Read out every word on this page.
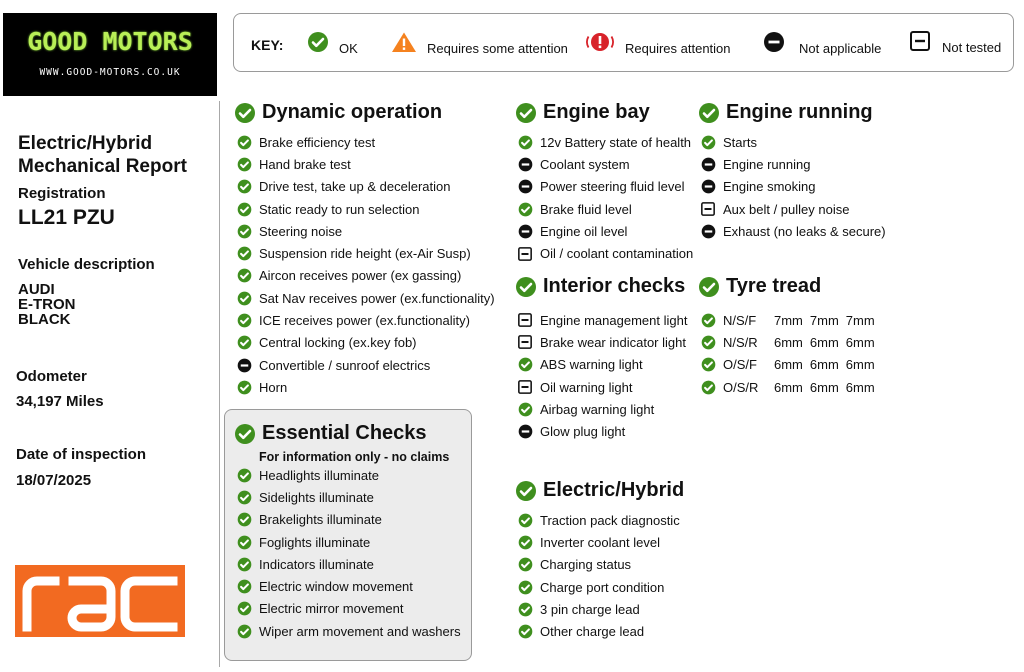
GOOD MOTORS
WWW.GOOD-MOTORS.CO.UK
KEY:	OK	Requires some attention	Requires attention	Not applicable	Not tested
Electric/Hybrid Mechanical Report
Registration
LL21 PZU
Vehicle description
AUDI
E-TRON
BLACK
Odometer
34,197 Miles
Date of inspection
18/07/2025
Dynamic operation	Engine bay	Engine running
Interior checks Tyre tread
Essential Checks
For information only - no claims
Electric/Hybrid
Brake efficiency test
Hand brake test
Drive test, take up & deceleration
Static ready to run selection
Steering noise
Suspension ride height (ex-Air Susp)
Aircon receives power (ex gassing)
Sat Nav receives power (ex.functionality)
ICE receives power (ex.functionality)
Central locking (ex.key fob)
Convertible / sunroof electrics
Horn
12v Battery state of health
Coolant system
Power steering fluid level
Brake fluid level
Engine oil level
Oil / coolant contamination
Starts
Engine running
Engine smoking
Aux belt / pulley noise
Exhaust (no leaks & secure)
Engine management light
Brake wear indicator light
ABS warning light
Oil warning light
Airbag warning light
Glow plug light
Headlights illuminate
Sidelights illuminate
Brakelights illuminate
Foglights illuminate
Indicators illuminate
Electric window movement
Electric mirror movement
Wiper arm movement and washers
Traction pack diagnostic
Inverter coolant level
Charging status
Charge port condition
3 pin charge lead
Other charge lead
N/S/F	7mm 7mm 7mm
N/S/R	6mm 6mm 6mm
O/S/F	6mm 6mm 6mm
O/S/R	6mm 6mm 6mm
